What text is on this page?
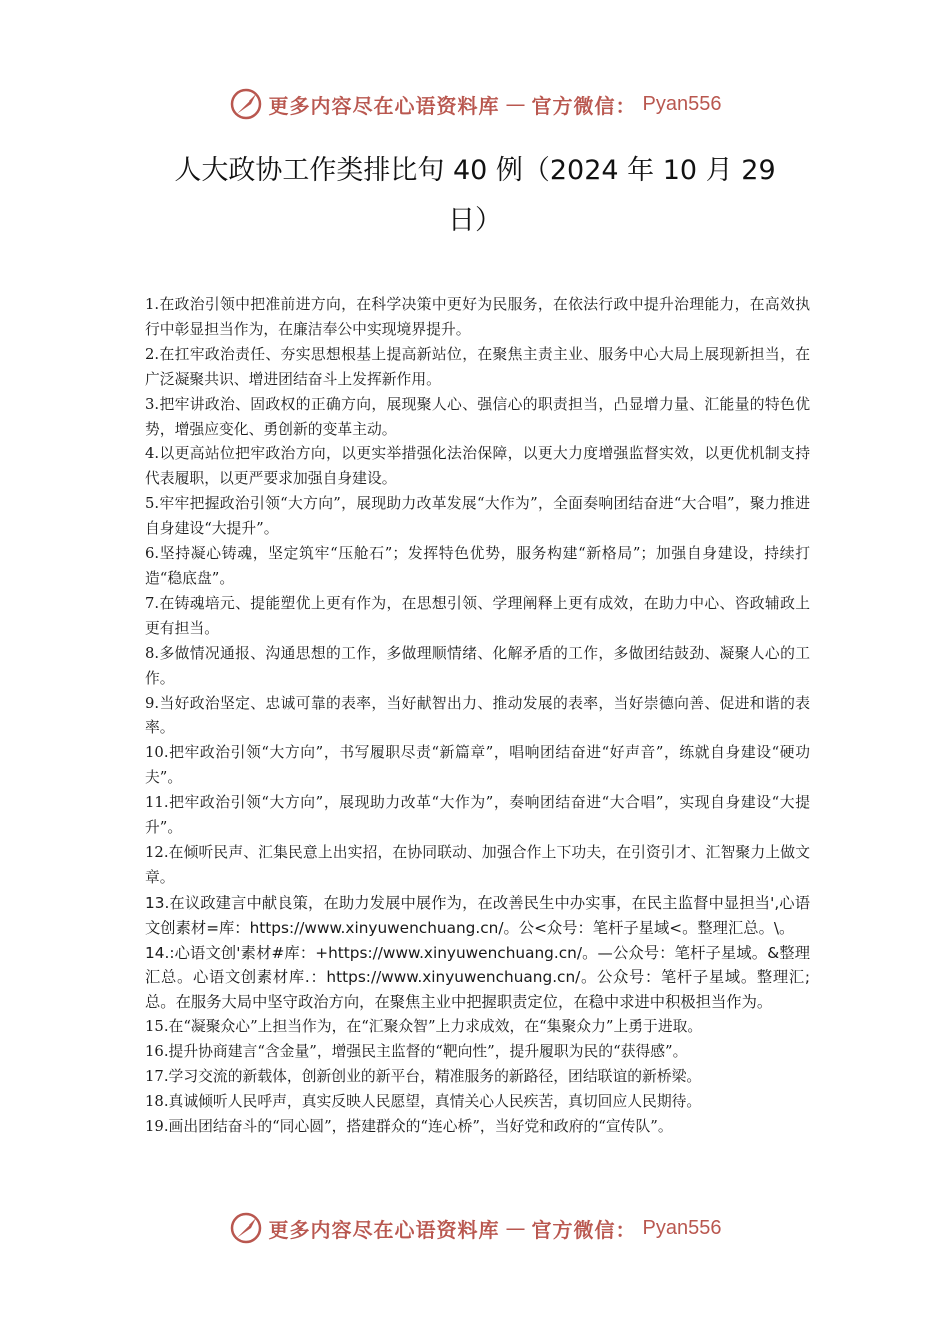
更多内容尽在心语资料库 — 官方微信： Pyan556
人大政协工作类排比句 40 例（2024 年 10 月 29 日）

1.在政治引领中把准前进方向，在科学决策中更好为民服务，在依法行政中提升治理能力，在高效执行中彰显担当作为，在廉洁奉公中实现境界提升。

2.在扛牢政治责任、夯实思想根基上提高新站位，在聚焦主责主业、服务中心大局上展现新担当，在广泛凝聚共识、增进团结奋斗上发挥新作用。

3.把牢讲政治、固政权的正确方向，展现聚人心、强信心的职责担当，凸显增力量、汇能量的特色优势，增强应变化、勇创新的变革主动。

4.以更高站位把牢政治方向，以更实举措强化法治保障，以更大力度增强监督实效，以更优机制支持代表履职，以更严要求加强自身建设。

5.牢牢把握政治引领“大方向”，展现助力改革发展“大作为”，全面奏响团结奋进“大合唱”，聚力推进自身建设“大提升”。

6.坚持凝心铸魂，坚定筑牢“压舱石”；发挥特色优势，服务构建“新格局”；加强自身建设，持续打造“稳底盘”。

7.在铸魂培元、提能塑优上更有作为，在思想引领、学理阐释上更有成效，在助力中心、咨政辅政上更有担当。

8.多做情况通报、沟通思想的工作，多做理顺情绪、化解矛盾的工作，多做团结鼓劲、凝聚人心的工作。

9.当好政治坚定、忠诚可靠的表率，当好献智出力、推动发展的表率，当好崇德向善、促进和谐的表率。

10.把牢政治引领“大方向”，书写履职尽责“新篇章”，唱响团结奋进“好声音”，练就自身建设“硬功夫”。

11.把牢政治引领“大方向”，展现助力改革“大作为”，奏响团结奋进“大合唱”，实现自身建设“大提升”。

12.在倾听民声、汇集民意上出实招，在协同联动、加强合作上下功夫，在引资引才、汇智聚力上做文章。

13.在议政建言中献良策，在助力发展中展作为，在改善民生中办实事，在民主监督中显担当',心语文创素材=库：https://www.xinyuwenchuang.cn/。公<众号：笔杆子星域<。整理汇总。\。

14.:心语文创'素材#库：+https://www.xinyuwenchuang.cn/。—公众号：笔杆子星域。&整理汇总。心语文创素材库.：https://www.xinyuwenchuang.cn/。公众号：笔杆子星域。整理汇;总。在服务大局中坚守政治方向，在聚焦主业中把握职责定位，在稳中求进中积极担当作为。

15.在“凝聚众心”上担当作为，在“汇聚众智”上力求成效，在“集聚众力”上勇于进取。

16.提升协商建言“含金量”，增强民主监督的“靶向性”，提升履职为民的“获得感”。

17.学习交流的新载体，创新创业的新平台，精准服务的新路径，团结联谊的新桥梁。

18.真诚倾听人民呼声，真实反映人民愿望，真情关心人民疾苦，真切回应人民期待。

19.画出团结奋斗的“同心圆”，搭建群众的“连心桥”，当好党和政府的“宣传队”。

更多内容尽在心语资料库 — 官方微信： Pyan556
